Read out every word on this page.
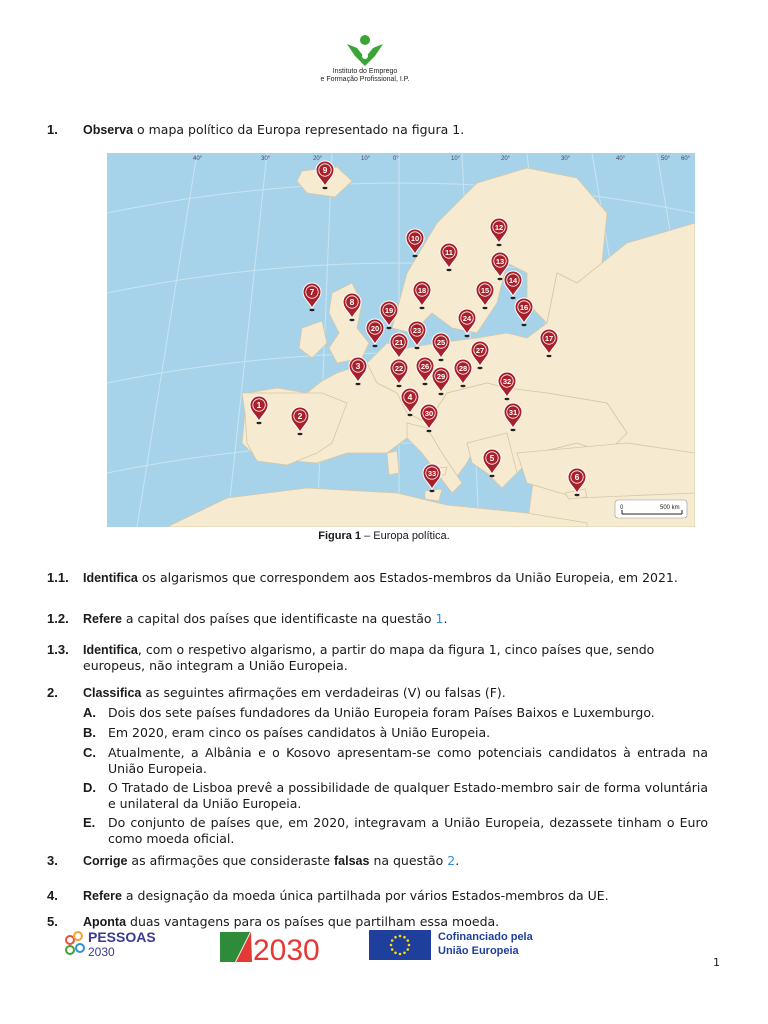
Instituto do Emprego
e Formação Profissional, I.P.
1. Observa o mapa político da Europa representado na figura 1.
40°	30°	20°	10°	0°	10°	20°	30°	40°	50° 60°
1
2
3
4
5
6
7
8
9
10
11
12
13
14
15
16
17
18
19
20
21
22
23
24
25
26
27
28
29
30	31
32
33
0	500 km
Figura 1 – Europa política.
1.1. Identifica os algarismos que correspondem aos Estados-membros da União Europeia, em 2021.
1.2. Refere a capital dos países que identificaste na questão 1.
1.3. Identifica, com o respetivo algarismo, a partir do mapa da figura 1, cinco países que, sendo europeus, não integram a União Europeia.
2. Classifica as seguintes afirmações em verdadeiras (V) ou falsas (F).
A. Dois dos sete países fundadores da União Europeia foram Países Baixos e Luxemburgo.
B. Em 2020, eram cinco os países candidatos à União Europeia.
C. Atualmente, a Albânia e o Kosovo apresentam-se como potenciais candidatos à entrada na União Europeia.
D. O Tratado de Lisboa prevê a possibilidade de qualquer Estado-membro sair de forma voluntária e unilateral da União Europeia.
E. Do conjunto de países que, em 2020, integravam a União Europeia, dezassete tinham o Euro como moeda oficial.
3. Corrige as afirmações que consideraste falsas na questão 2.
4. Refere a designação da moeda única partilhada por vários Estados-membros da UE.
5. Aponta duas vantagens para os países que partilham essa moeda.
PESSOAS
2030	2030	Cofinanciado pela
União Europeia
1
